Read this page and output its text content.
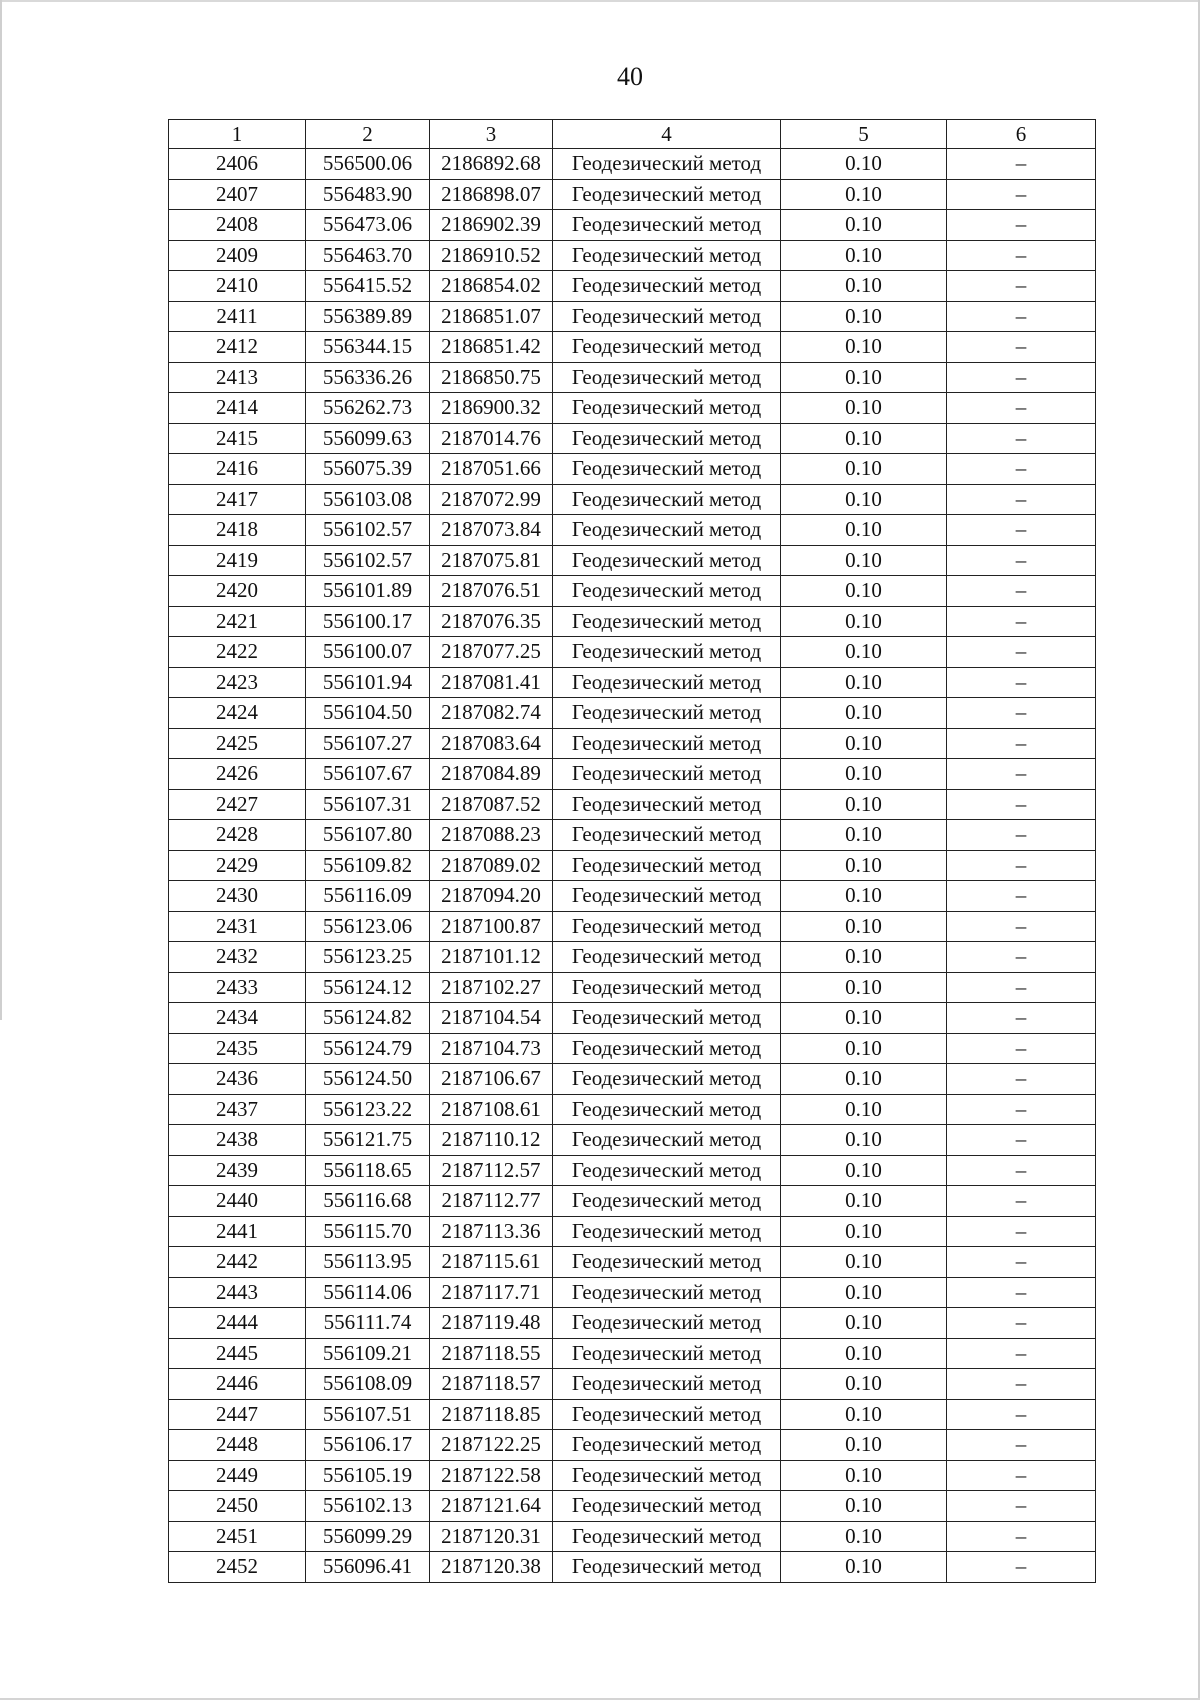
40
1	2	3	4	5	6
2406	556500.06	2186892.68	Геодезический метод	0.10	–
2407	556483.90	2186898.07	Геодезический метод	0.10	–
2408	556473.06	2186902.39	Геодезический метод	0.10	–
2409	556463.70	2186910.52	Геодезический метод	0.10	–
2410	556415.52	2186854.02	Геодезический метод	0.10	–
2411	556389.89	2186851.07	Геодезический метод	0.10	–
2412	556344.15	2186851.42	Геодезический метод	0.10	–
2413	556336.26	2186850.75	Геодезический метод	0.10	–
2414	556262.73	2186900.32	Геодезический метод	0.10	–
2415	556099.63	2187014.76	Геодезический метод	0.10	–
2416	556075.39	2187051.66	Геодезический метод	0.10	–
2417	556103.08	2187072.99	Геодезический метод	0.10	–
2418	556102.57	2187073.84	Геодезический метод	0.10	–
2419	556102.57	2187075.81	Геодезический метод	0.10	–
2420	556101.89	2187076.51	Геодезический метод	0.10	–
2421	556100.17	2187076.35	Геодезический метод	0.10	–
2422	556100.07	2187077.25	Геодезический метод	0.10	–
2423	556101.94	2187081.41	Геодезический метод	0.10	–
2424	556104.50	2187082.74	Геодезический метод	0.10	–
2425	556107.27	2187083.64	Геодезический метод	0.10	–
2426	556107.67	2187084.89	Геодезический метод	0.10	–
2427	556107.31	2187087.52	Геодезический метод	0.10	–
2428	556107.80	2187088.23	Геодезический метод	0.10	–
2429	556109.82	2187089.02	Геодезический метод	0.10	–
2430	556116.09	2187094.20	Геодезический метод	0.10	–
2431	556123.06	2187100.87	Геодезический метод	0.10	–
2432	556123.25	2187101.12	Геодезический метод	0.10	–
2433	556124.12	2187102.27	Геодезический метод	0.10	–
2434	556124.82	2187104.54	Геодезический метод	0.10	–
2435	556124.79	2187104.73	Геодезический метод	0.10	–
2436	556124.50	2187106.67	Геодезический метод	0.10	–
2437	556123.22	2187108.61	Геодезический метод	0.10	–
2438	556121.75	2187110.12	Геодезический метод	0.10	–
2439	556118.65	2187112.57	Геодезический метод	0.10	–
2440	556116.68	2187112.77	Геодезический метод	0.10	–
2441	556115.70	2187113.36	Геодезический метод	0.10	–
2442	556113.95	2187115.61	Геодезический метод	0.10	–
2443	556114.06	2187117.71	Геодезический метод	0.10	–
2444	556111.74	2187119.48	Геодезический метод	0.10	–
2445	556109.21	2187118.55	Геодезический метод	0.10	–
2446	556108.09	2187118.57	Геодезический метод	0.10	–
2447	556107.51	2187118.85	Геодезический метод	0.10	–
2448	556106.17	2187122.25	Геодезический метод	0.10	–
2449	556105.19	2187122.58	Геодезический метод	0.10	–
2450	556102.13	2187121.64	Геодезический метод	0.10	–
2451	556099.29	2187120.31	Геодезический метод	0.10	–
2452	556096.41	2187120.38	Геодезический метод	0.10	–
